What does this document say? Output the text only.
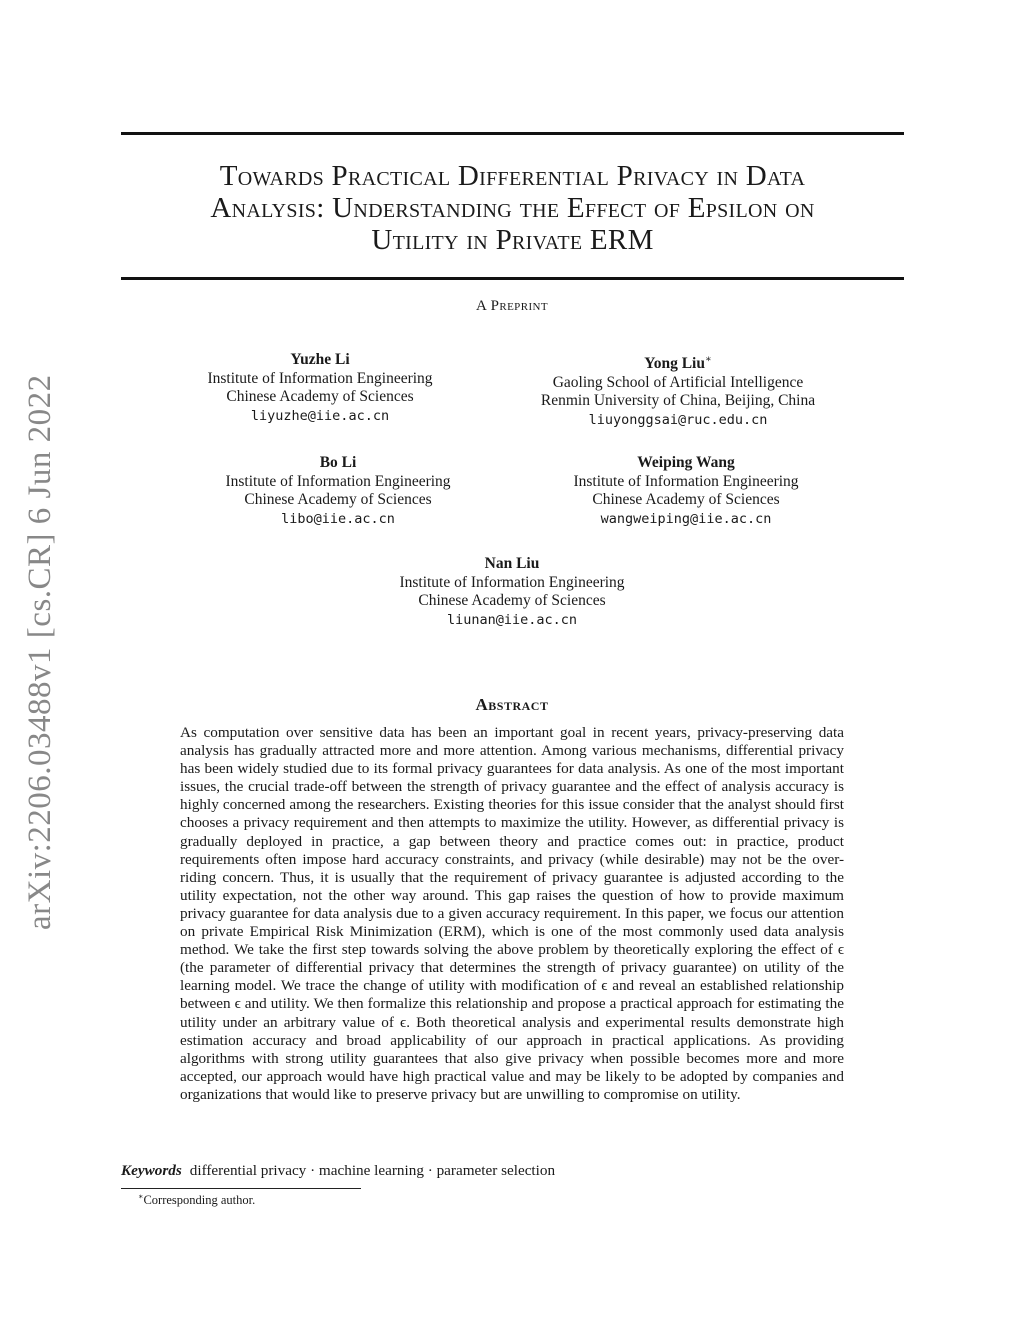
Towards Practical Differential Privacy in Data
Analysis: Understanding the Effect of Epsilon on
Utility in Private ERM
A Preprint
arXiv:2206.03488v1 [cs.CR] 6 Jun 2022
Yuzhe Li
Institute of Information Engineering
Chinese Academy of Sciences
liyuzhe@iie.ac.cn
Yong Liu∗
Gaoling School of Artificial Intelligence
Renmin University of China, Beijing, China
liuyonggsai@ruc.edu.cn
Bo Li
Institute of Information Engineering
Chinese Academy of Sciences
libo@iie.ac.cn
Weiping Wang
Institute of Information Engineering
Chinese Academy of Sciences
wangweiping@iie.ac.cn
Nan Liu
Institute of Information Engineering
Chinese Academy of Sciences
liunan@iie.ac.cn
Abstract
As computation over sensitive data has been an important goal in recent years, privacy-preserving data analysis has gradually attracted more and more attention. Among various mechanisms, differential privacy has been widely studied due to its formal privacy guarantees for data analysis. As one of the most important issues, the crucial trade-off between the strength of privacy guarantee and the effect of analysis accuracy is highly concerned among the researchers. Existing theories for this issue consider that the analyst should first chooses a privacy requirement and then attempts to maximize the utility. However, as differential privacy is gradually deployed in practice, a gap between theory and practice comes out: in practice, product requirements often impose hard accuracy constraints, and privacy (while desirable) may not be the over-riding concern. Thus, it is usually that the requirement of privacy guarantee is adjusted according to the utility expectation, not the other way around. This gap raises the question of how to provide maximum privacy guarantee for data analysis due to a given accuracy requirement. In this paper, we focus our attention on private Empirical Risk Minimization (ERM), which is one of the most commonly used data analysis method. We take the first step towards solving the above problem by theoretically exploring the effect of ϵ (the parameter of differential privacy that determines the strength of privacy guarantee) on utility of the learning model. We trace the change of utility with modification of ϵ and reveal an established relationship between ϵ and utility. We then formalize this relationship and propose a practical approach for estimating the utility under an arbitrary value of ϵ. Both theoretical analysis and experimental results demonstrate high estimation accuracy and broad applicability of our approach in practical applications. As providing algorithms with strong utility guarantees that also give privacy when possible becomes more and more accepted, our approach would have high practical value and may be likely to be adopted by companies and organizations that would like to preserve privacy but are unwilling to compromise on utility.
Keywords differential privacy · machine learning · parameter selection
∗Corresponding author.
